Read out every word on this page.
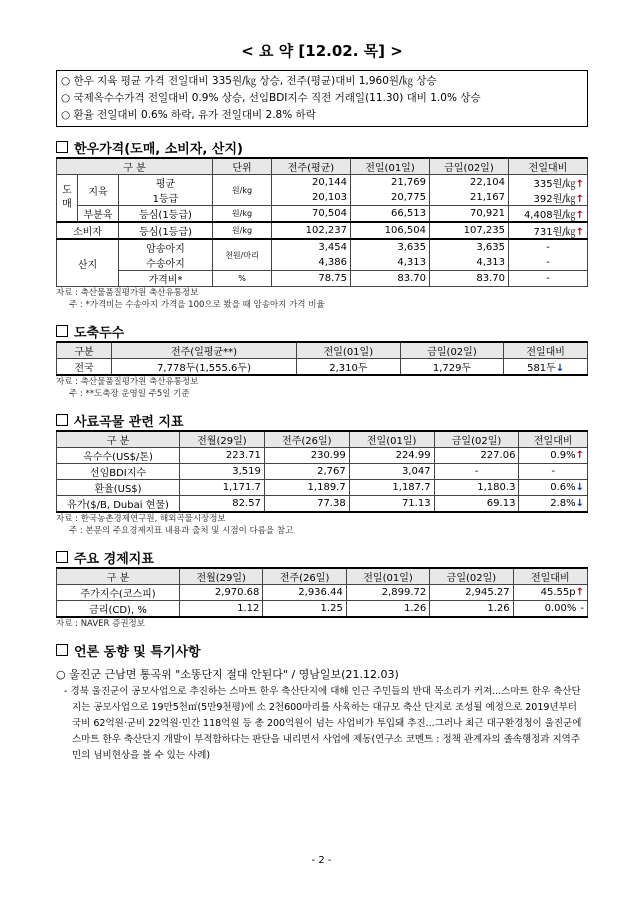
< 요 약 [12.02. 목] >
○ 한우 지육 평균 가격 전일대비 335원/㎏ 상승, 전주(평균)대비 1,960원/㎏ 상승
○ 국제옥수수가격 전일대비 0.9% 상승, 선임BDI지수 직전 거래일(11.30) 대비 1.0% 상승
○ 환율 전일대비 0.6% 하락, 유가 전일대비 2.8% 하락
한우가격(도매, 소비자, 산지)
구 분			단위	전주(평균)	전일(01일)	금일(02일)	전일대비
도
매	지육	평균	원/kg	20,144	21,769	22,104	335원/㎏↑
		1등급		20,103	20,775	21,167	392원/㎏↑
	부분육	등심(1등급)	원/kg	70,504	66,513	70,921	4,408원/㎏↑
소비자		등심(1등급)	원/kg	102,237	106,504	107,235	731원/㎏↑
산지		암송아지	천원/마리	3,454	3,635	3,635	-
		수송아지		4,386	4,313	4,313	-
		가격비*	%	78.75	83.70	83.70	-
자료 : 축산물품질평가원 축산유통정보
주 : *가격비는 수송아지 가격을 100으로 봤을 때 암송아지 가격 비율
도축두수
구분	전주(일평균**)	전일(01일)	금일(02일)	전일대비
전국	7,778두(1,555.6두)	2,310두	1,729두	581두↓
자료 : 축산물품질평가원 축산유통정보
주 : **도축장 운영일 주5일 기준
사료곡물 관련 지표
구 분	전월(29일)	전주(26일)	전일(01일)	금일(02일)	전일대비
옥수수(US$/톤)	223.71	230.99	224.99	227.06	0.9%↑
선임BDI지수	3,519	2,767	3,047	-	-
환율(US$)	1,171.7	1,189.7	1,187.7	1,180.3	0.6%↓
유가($/B, Dubai 현물)	82.57	77.38	71.13	69.13	2.8%↓
자료 : 한국농촌경제연구원, 해외곡물시장정보
주 : 본문의 주요경제지표 내용과 출처 및 시점이 다름을 참고
주요 경제지표
구 분	전월(29일)	전주(26일)	전일(01일)	금일(02일)	전일대비
주가지수(코스피)	2,970.68	2,936.44	2,899.72	2,945.27	45.55p↑
금리(CD), %	1.12	1.25	1.26	1.26	0.00% -
자료 : NAVER 증권정보
언론 동향 및 특기사항
○ 울진군 근남면 통곡위 "소똥단지 절대 안된다" / 영남일보(21.12.03)
- 경북 울진군이 공모사업으로 추진하는 스마트 한우 축산단지에 대해 인근 주민들의 반대 목소리가 커져...스마트 한우 축산단지는 공모사업으로 19만5천㎡(5만9천평)에 소 2천600마리를 사육하는 대규모 축산 단지로 조성될 예정으로 2019년부터 국비 62억원·군비 22억원·민간 118억원 등 총 200억원이 넘는 사업비가 투입돼 추진...그러나 최근 대구환경청이 울진군에 스마트 한우 축산단지 개발이 부적합하다는 판단을 내리면서 사업에 제동(연구소 코멘트 : 정책 관계자의 졸속행정과 지역주민의 님비현상을 볼 수 있는 사례)
- 2 -
